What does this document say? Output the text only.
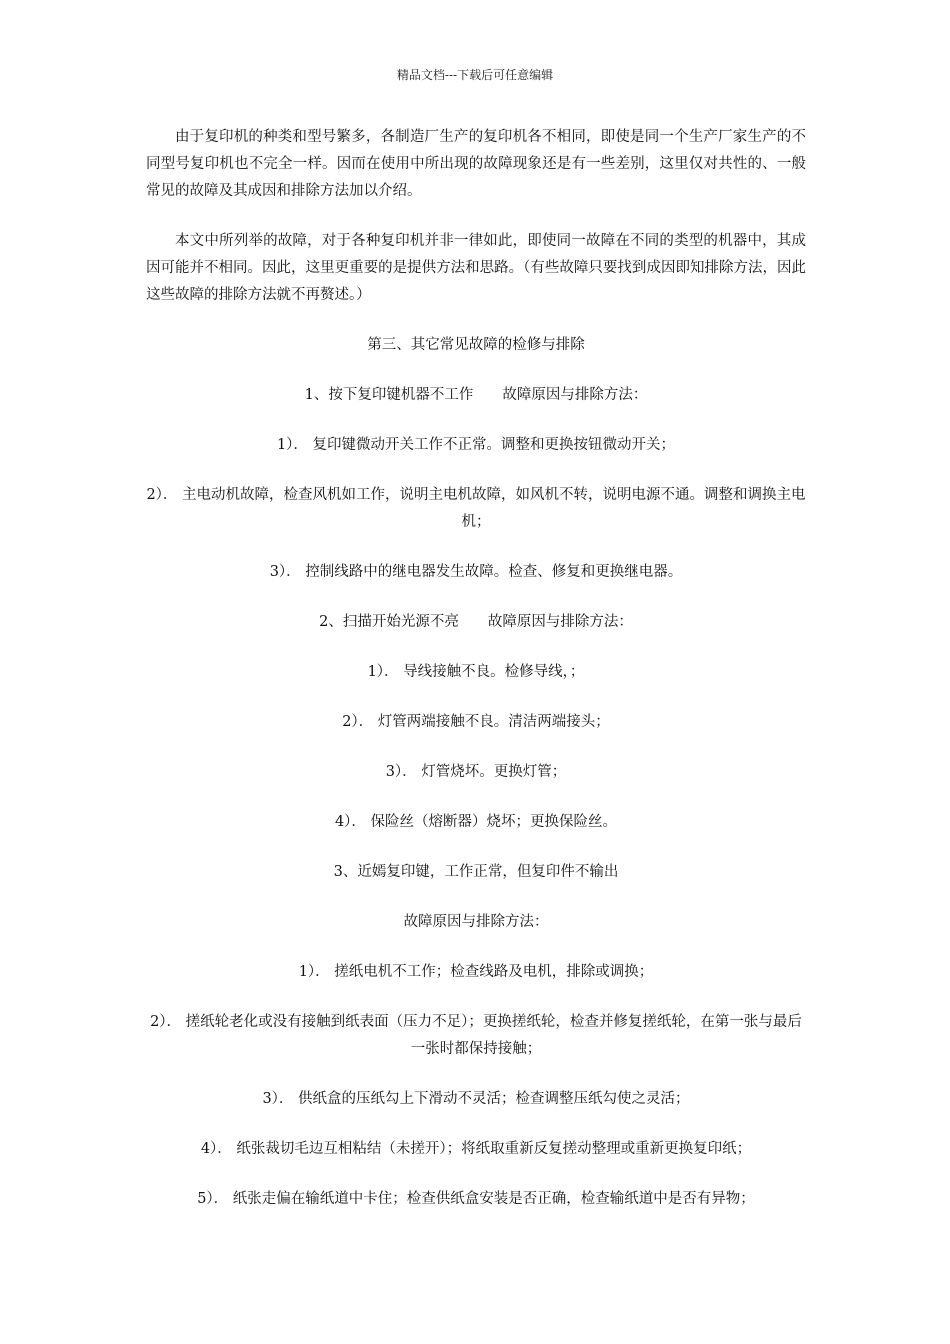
精品文档---下载后可任意编辑

由于复印机的种类和型号繁多，各制造厂生产的复印机各不相同，即使是同一个生产厂家生产的不同型号复印机也不完全一样。因而在使用中所出现的故障现象还是有一些差别，这里仅对共性的、一般常见的故障及其成因和排除方法加以介绍。

本文中所列举的故障，对于各种复印机并非一律如此，即使同一故障在不同的类型的机器中，其成因可能并不相同。因此，这里更重要的是提供方法和思路。（有些故障只要找到成因即知排除方法，因此这些故障的排除方法就不再赘述。）

第三、其它常见故障的检修与排除

1、按下复印键机器不工作　　故障原因与排除方法：

1）． 复印键微动开关工作不正常。调整和更换按钮微动开关；

2）． 主电动机故障，检查风机如工作，说明主电机故障，如风机不转，说明电源不通。调整和调换主电机；

3）． 控制线路中的继电器发生故障。检查、修复和更换继电器。

2、扫描开始光源不亮　　故障原因与排除方法：

1）． 导线接触不良。检修导线，；

2）． 灯管两端接触不良。清洁两端接头；

3）． 灯管烧坏。更换灯管；

4）． 保险丝（熔断器）烧坏；更换保险丝。

3、近嫣复印键，工作正常，但复印件不输出

故障原因与排除方法：

1）． 搓纸电机不工作；检查线路及电机，排除或调换；

2）． 搓纸轮老化或没有接触到纸表面（压力不足）；更换搓纸轮，检查并修复搓纸轮，在第一张与最后一张时都保持接触；

3）． 供纸盒的压纸勾上下滑动不灵活；检查调整压纸勾使之灵活；

4）． 纸张裁切毛边互相粘结（未搓开）；将纸取重新反复搓动整理或重新更换复印纸；

5）． 纸张走偏在输纸道中卡住；检查供纸盒安装是否正确，检查输纸道中是否有异物；
